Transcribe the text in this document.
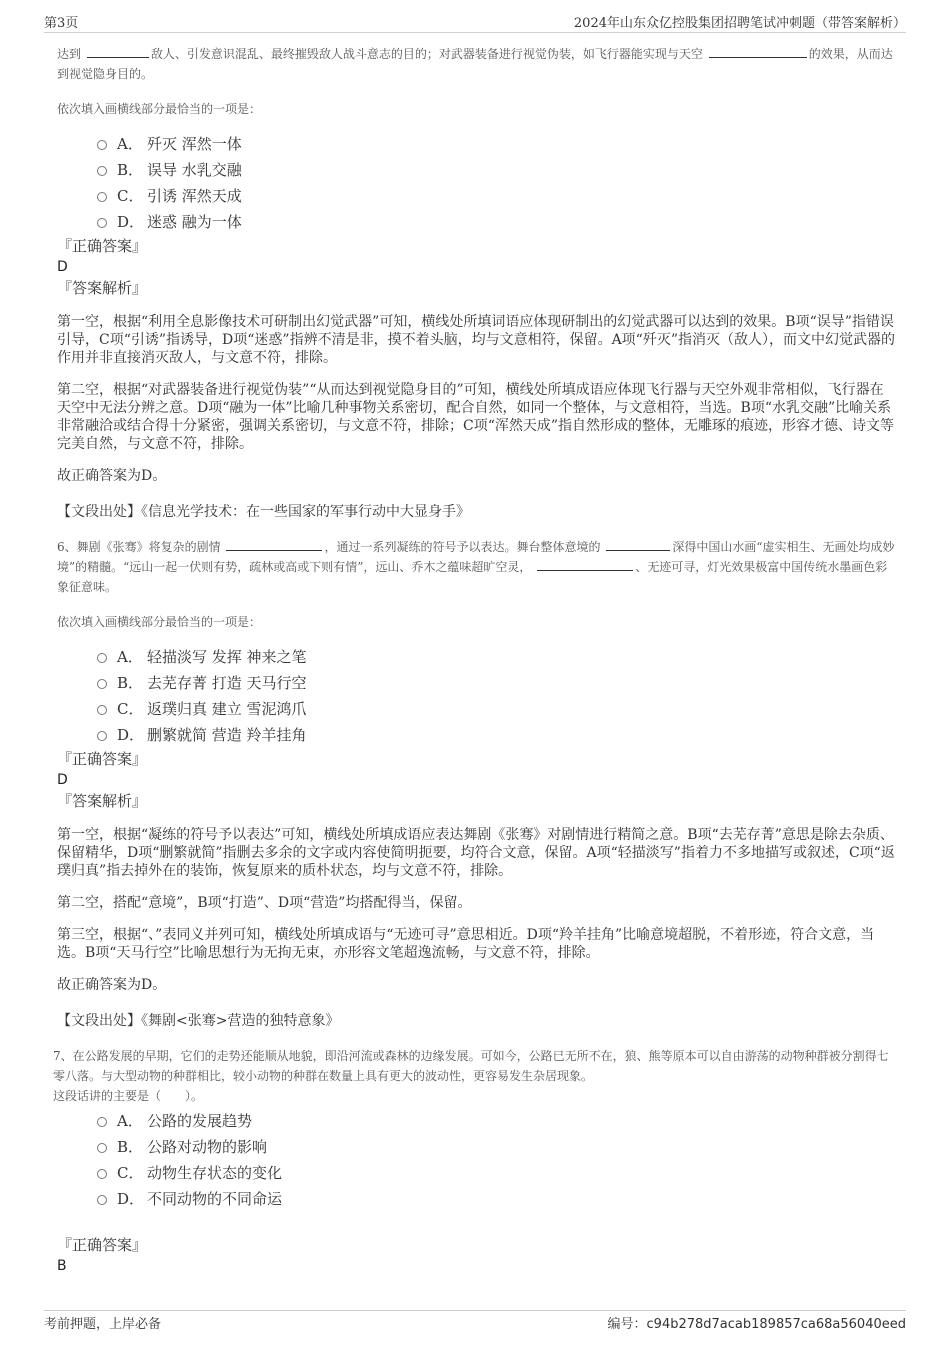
第3页	2024年山东众亿控股集团招聘笔试冲刺题（带答案解析）

达到	敌人、引发意识混乱、最终摧毁敌人战斗意志的目的；对武器装备进行视觉伪装，如飞行器能实现与天空	的效果，从而达到视觉隐身目的。

依次填入画横线部分最恰当的一项是：

A． 歼灭 浑然一体
B． 误导 水乳交融
C． 引诱 浑然天成
D． 迷惑 融为一体

『正确答案』

D

『答案解析』

第一空，根据“利用全息影像技术可研制出幻觉武器”可知，横线处所填词语应体现研制出的幻觉武器可以达到的效果。B项“误导”指错误引导，C项“引诱”指诱导，D项“迷惑”指辨不清是非，摸不着头脑，均与文意相符，保留。A项“歼灭”指消灭（敌人），而文中幻觉武器的作用并非直接消灭敌人，与文意不符，排除。

第二空，根据“对武器装备进行视觉伪装”“从而达到视觉隐身目的”可知，横线处所填成语应体现飞行器与天空外观非常相似，飞行器在天空中无法分辨之意。D项“融为一体”比喻几种事物关系密切，配合自然，如同一个整体，与文意相符，当选。B项“水乳交融”比喻关系非常融洽或结合得十分紧密，强调关系密切，与文意不符，排除；C项“浑然天成”指自然形成的整体，无雕琢的痕迹，形容才德、诗文等完美自然，与文意不符，排除。

故正确答案为D。

【文段出处】《信息光学技术：在一些国家的军事行动中大显身手》

6、舞剧《张骞》将复杂的剧情	，通过一系列凝练的符号予以表达。舞台整体意境的	深得中国山水画“虚实相生、无画处均成妙境”的精髓。“远山一起一伏则有势，疏林或高或下则有情”，远山、乔木之蕴味超旷空灵，	、无迹可寻，灯光效果极富中国传统水墨画色彩象征意味。

依次填入画横线部分最恰当的一项是：

A． 轻描淡写 发挥 神来之笔
B． 去芜存菁 打造 天马行空
C． 返璞归真 建立 雪泥鸿爪
D． 删繁就简 营造 羚羊挂角

『正确答案』

D

『答案解析』

第一空，根据“凝练的符号予以表达”可知，横线处所填成语应表达舞剧《张骞》对剧情进行精简之意。B项“去芜存菁”意思是除去杂质、保留精华，D项“删繁就简”指删去多余的文字或内容使简明扼要，均符合文意，保留。A项“轻描淡写”指着力不多地描写或叙述，C项“返璞归真”指去掉外在的装饰，恢复原来的质朴状态，均与文意不符，排除。

第二空，搭配“意境”，B项“打造”、D项“营造”均搭配得当，保留。

第三空，根据“、”表同义并列可知，横线处所填成语与“无迹可寻”意思相近。D项“羚羊挂角”比喻意境超脱，不着形迹，符合文意，当选。B项“天马行空”比喻思想行为无拘无束，亦形容文笔超逸流畅，与文意不符，排除。

故正确答案为D。

【文段出处】《舞剧<张骞>营造的独特意象》

7、在公路发展的早期，它们的走势还能顺从地貌，即沿河流或森林的边缘发展。可如今，公路已无所不在，狼、熊等原本可以自由游荡的动物种群被分割得七零八落。与大型动物的种群相比，较小动物的种群在数量上具有更大的波动性，更容易发生杂居现象。

这段话讲的主要是（　　）。

A． 公路的发展趋势
B． 公路对动物的影响
C． 动物生存状态的变化
D． 不同动物的不同命运

『正确答案』

B

考前押题，上岸必备	编号：c94b278d7acab189857ca68a56040eed
